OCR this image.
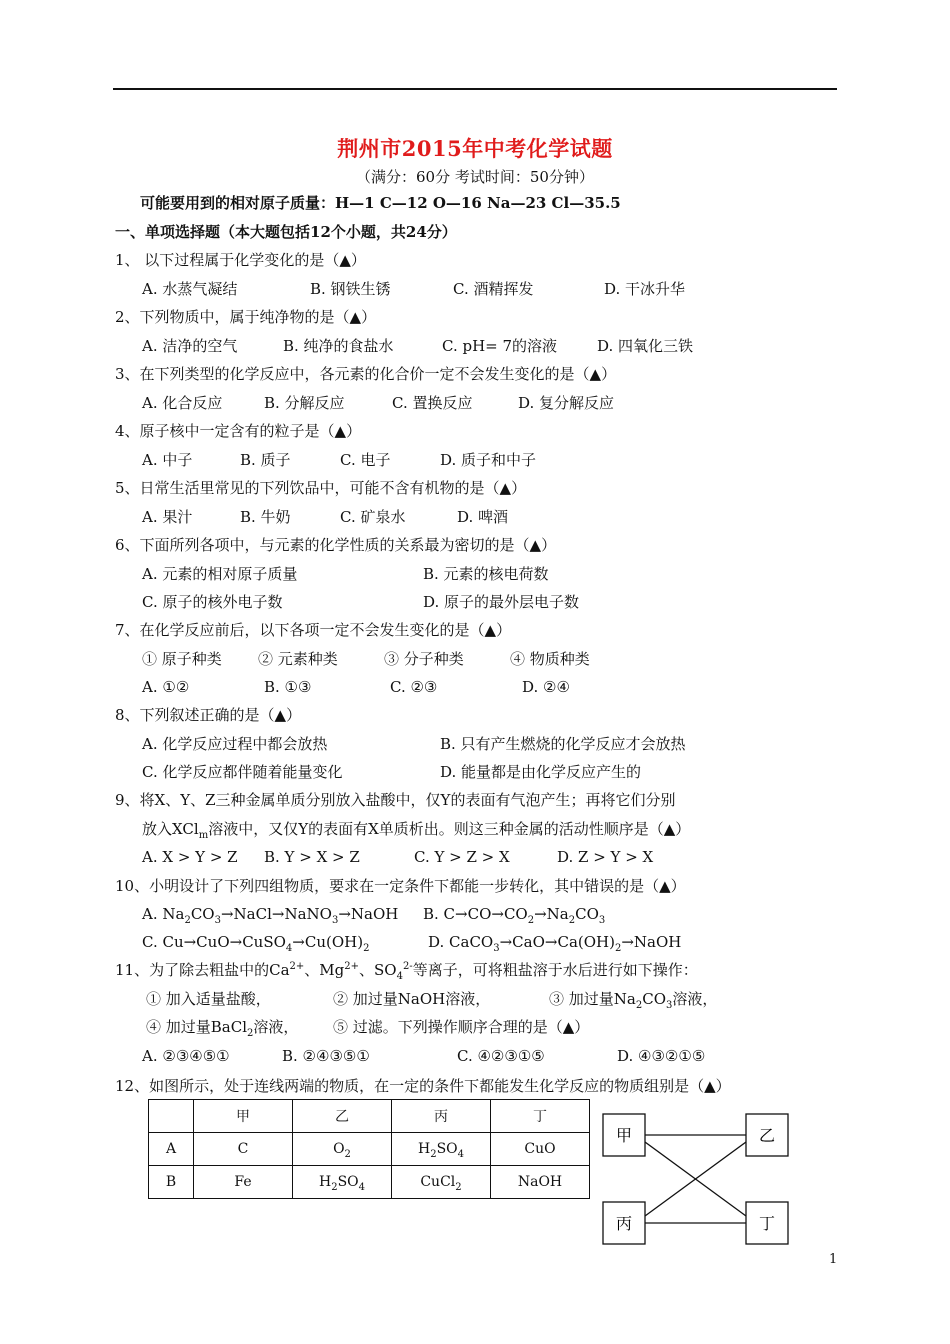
荆州市2015年中考化学试题
（满分：60分 考试时间：50分钟）
可能要用到的相对原子质量：H—1 C—12 O—16 Na—23 Cl—35.5
一、单项选择题（本大题包括12个小题，共24分）
1、 以下过程属于化学变化的是（▲）
A. 水蒸气凝结	B. 钢铁生锈	C. 酒精挥发	D. 干冰升华
2、下列物质中，属于纯净物的是（▲）
A. 洁净的空气	B. 纯净的食盐水	C. pH= 7的溶液	D. 四氧化三铁
3、在下列类型的化学反应中，各元素的化合价一定不会发生变化的是（▲）
A. 化合反应	B. 分解反应	C. 置换反应	D. 复分解反应
4、原子核中一定含有的粒子是（▲）
A. 中子	B. 质子	C. 电子	D. 质子和中子
5、日常生活里常见的下列饮品中，可能不含有机物的是（▲）
A. 果汁	B. 牛奶	C. 矿泉水	D. 啤酒
6、下面所列各项中，与元素的化学性质的关系最为密切的是（▲）
A. 元素的相对原子质量	B. 元素的核电荷数
C. 原子的核外电子数	D. 原子的最外层电子数
7、在化学反应前后，以下各项一定不会发生变化的是（▲）
① 原子种类 ② 元素种类	③ 分子种类	④ 物质种类
A. ①②	B. ①③	C. ②③	D. ②④
8、下列叙述正确的是（▲）
A. 化学反应过程中都会放热	B. 只有产生燃烧的化学反应才会放热
C. 化学反应都伴随着能量变化	D. 能量都是由化学反应产生的
9、将X、Y、Z三种金属单质分别放入盐酸中，仅Y的表面有气泡产生；再将它们分别
放入XCl$_m$溶液中，又仅Y的表面有X单质析出。则这三种金属的活动性顺序是（▲）
A. X > Y > Z B. Y > X > Z	C. Y > Z > X	D. Z > Y > X
10、小明设计了下列四组物质，要求在一定条件下都能一步转化，其中错误的是（▲）
A. $Na_2CO_3\to NaCl\to NaNO_3\to NaOH$ B. $C\to CO\to CO_2\to Na_2CO_3$
C. $Cu\to CuO\to CuSO_4\to Cu(OH)_2$	D. $CaCO_3\to CaO\to Ca(OH)_2\to NaOH$
11、为了除去粗盐中的$Ca^{2+}$、$Mg^{2+}$、$SO_4^{2-}$等离子，可将粗盐溶于水后进行如下操作：
① 加入适量盐酸，	② 加过量NaOH溶液，	③ 加过量$Na_2CO_3$溶液，
④ 加过量BaCl$_2$溶液， ⑤ 过滤。下列操作顺序合理的是（▲）
A. ②③④⑤①	B. ②④③⑤①	C. ④②③①⑤	D. ④③②①⑤
12、如图所示，处于连线两端的物质，在一定的条件下都能发生化学反应的物质组别是（▲）
	甲	乙	丙	丁
A	C	$O_2$	$H_2SO_4$	CuO
B	Fe	$H_2SO_4$	CuCl$_2$	NaOH
甲	乙
丙	丁
1
